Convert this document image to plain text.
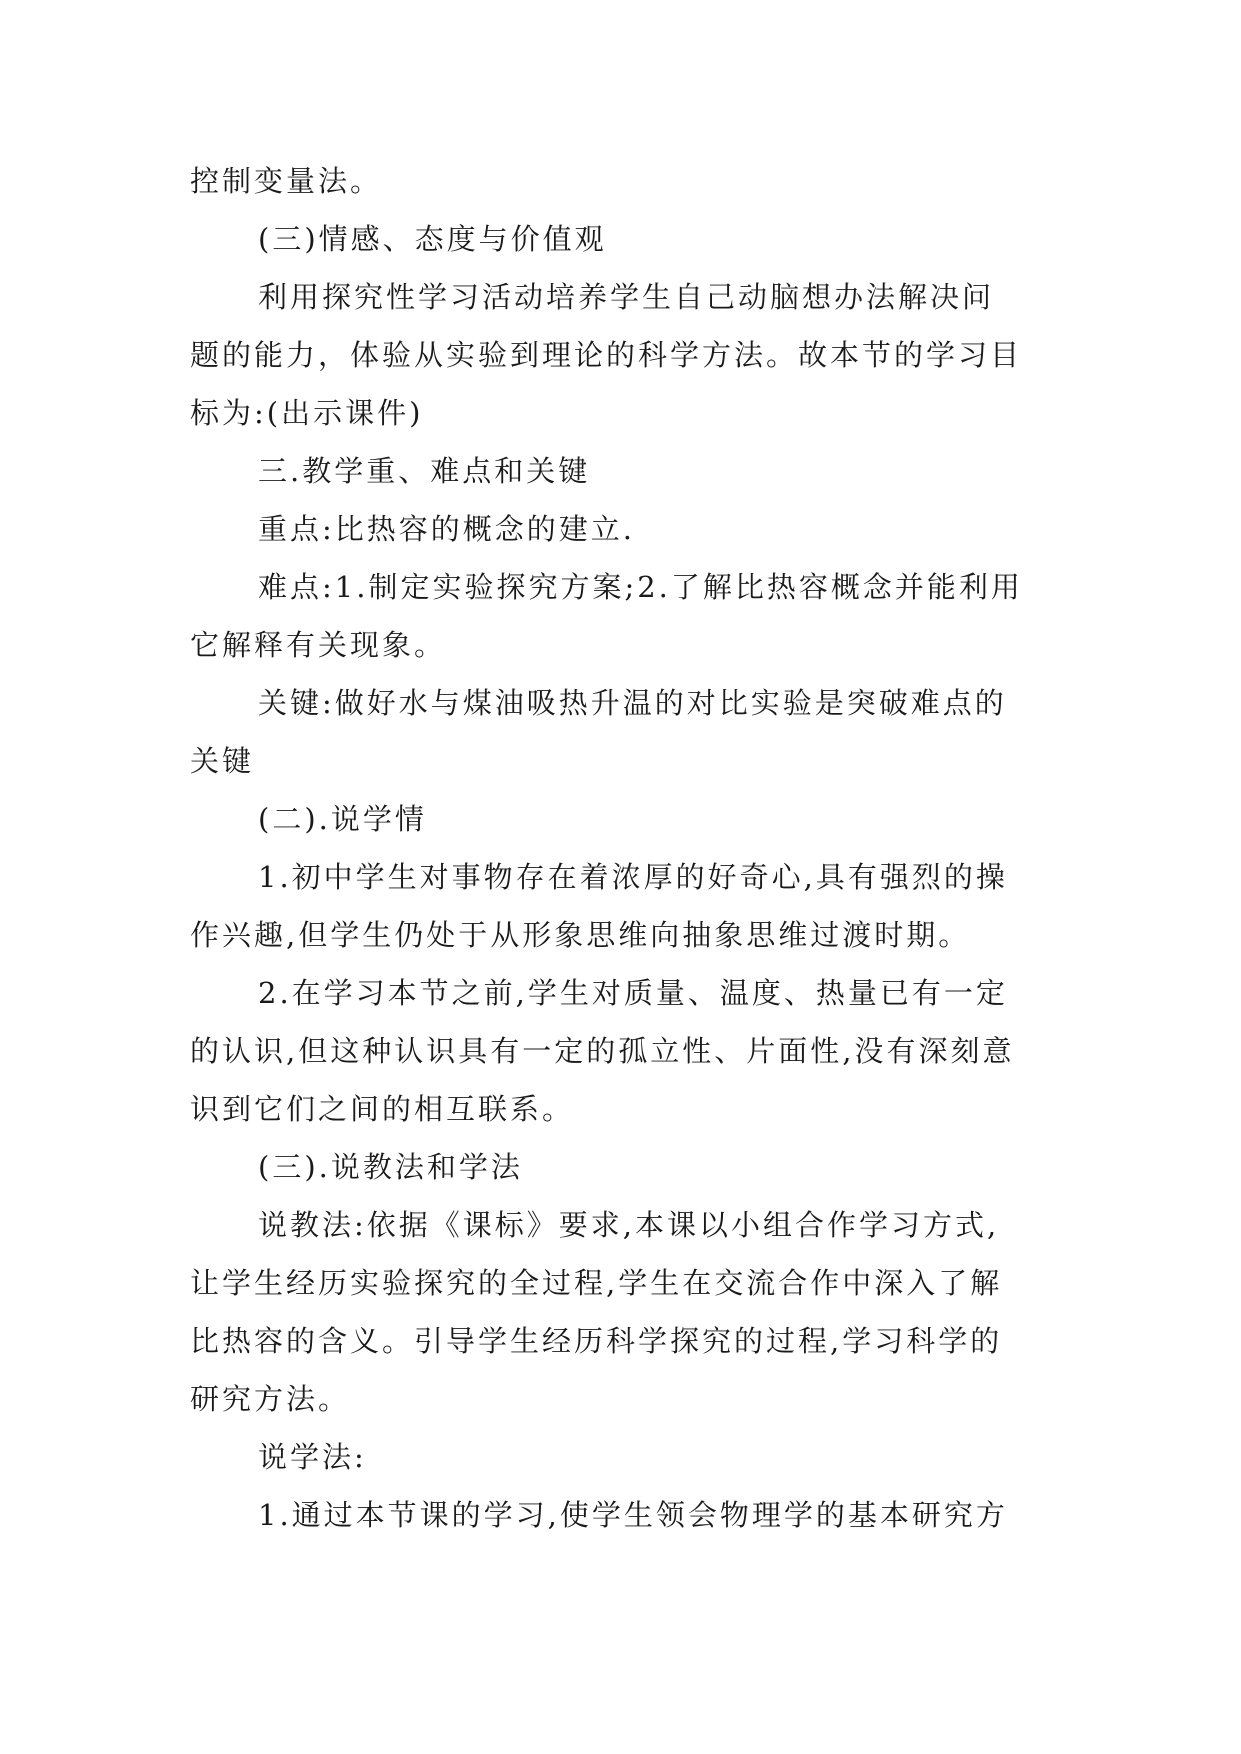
控制变量法。
(三)情感、态度与价值观
利用探究性学习活动培养学生自己动脑想办法解决问
题的能力，体验从实验到理论的科学方法。故本节的学习目
标为:(出示课件)
三.教学重、难点和关键
重点:比热容的概念的建立.
难点:1.制定实验探究方案;2.了解比热容概念并能利用
它解释有关现象。
关键:做好水与煤油吸热升温的对比实验是突破难点的
关键
(二).说学情
1.初中学生对事物存在着浓厚的好奇心,具有强烈的操
作兴趣,但学生仍处于从形象思维向抽象思维过渡时期。
2.在学习本节之前,学生对质量、温度、热量已有一定
的认识,但这种认识具有一定的孤立性、片面性,没有深刻意
识到它们之间的相互联系。
(三).说教法和学法
说教法:依据《课标》要求,本课以小组合作学习方式,
让学生经历实验探究的全过程,学生在交流合作中深入了解
比热容的含义。引导学生经历科学探究的过程,学习科学的
研究方法。
说学法:
1.通过本节课的学习,使学生领会物理学的基本研究方
